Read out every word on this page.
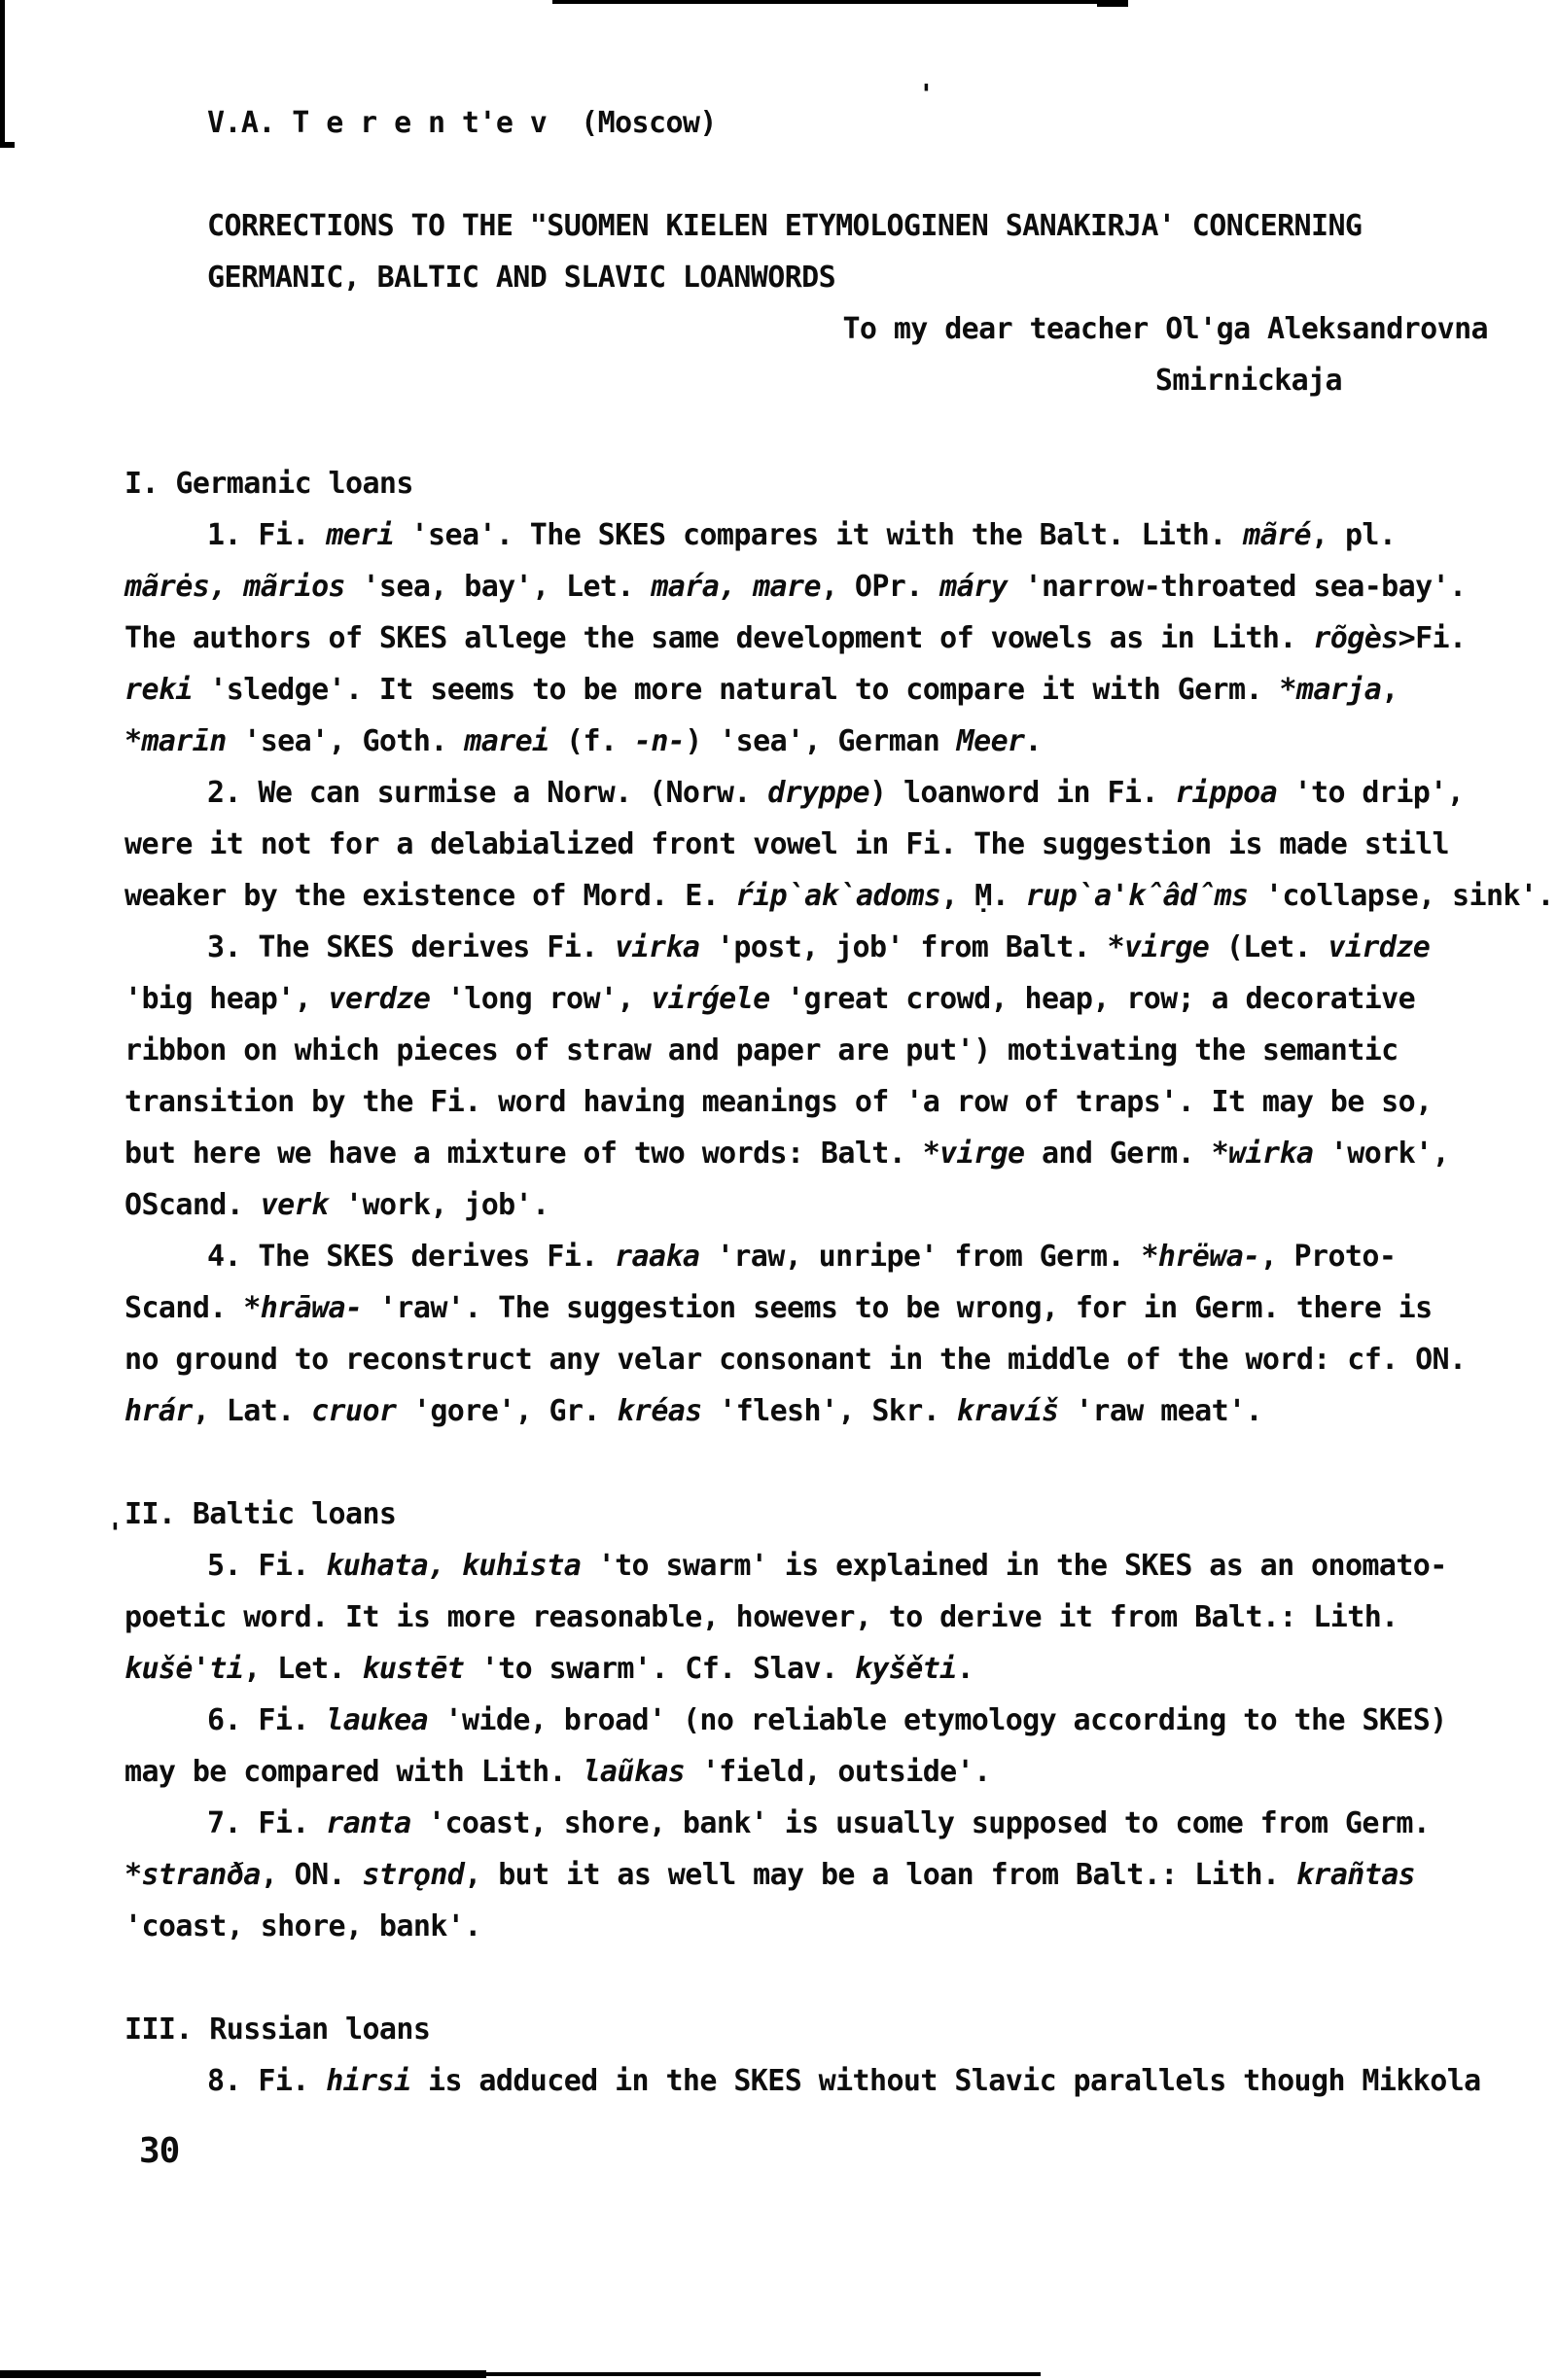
V.A. T e r e n t'e v  (Moscow)
CORRECTIONS TO THE "SUOMEN KIELEN ETYMOLOGINEN SANAKIRJA' CONCERNING
GERMANIC, BALTIC AND SLAVIC LOANWORDS
To my dear teacher Ol'ga Aleksandrovna
Smirnickaja
I. Germanic loans
1. Fi. meri 'sea'. The SKES compares it with the Balt. Lith. mãré, pl.
mãrės, mãrios 'sea, bay', Let. maŕa, mare, OPr. máry 'narrow-throated sea-bay'.
The authors of SKES allege the same development of vowels as in Lith. rõgès>Fi.
reki 'sledge'. It seems to be more natural to compare it with Germ. *marja,
*marīn 'sea', Goth. marei (f. -n-) 'sea', German Meer.
2. We can surmise a Norw. (Norw. dryppe) loanword in Fi. rippoa 'to drip',
were it not for a delabialized front vowel in Fi. The suggestion is made still
weaker by the existence of Mord. E. ŕip̀ak̀adoms, Ṃ. rup̀a'k̂âd̂ms 'collapse, sink'.
3. The SKES derives Fi. virka 'post, job' from Balt. *virge (Let. virdze
'big heap', verdze 'long row', virǵele 'great crowd, heap, row; a decorative
ribbon on which pieces of straw and paper are put') motivating the semantic
transition by the Fi. word having meanings of 'a row of traps'. It may be so,
but here we have a mixture of two words: Balt. *virge and Germ. *wirka 'work',
OScand. verk 'work, job'.
4. The SKES derives Fi. raaka 'raw, unripe' from Germ. *hrëwa-, Proto-
Scand. *hrāwa- 'raw'. The suggestion seems to be wrong, for in Germ. there is
no ground to reconstruct any velar consonant in the middle of the word: cf. ON.
hrár, Lat. cruor 'gore', Gr. kréas 'flesh', Skr. kravíš 'raw meat'.
II. Baltic loans
5. Fi. kuhata, kuhista 'to swarm' is explained in the SKES as an onomato-
poetic word. It is more reasonable, however, to derive it from Balt.: Lith.
kušė'ti, Let. kustēt 'to swarm'. Cf. Slav. kyšěti.
6. Fi. laukea 'wide, broad' (no reliable etymology according to the SKES)
may be compared with Lith. laũkas 'field, outside'.
7. Fi. ranta 'coast, shore, bank' is usually supposed to come from Germ.
*stranða, ON. strǫnd, but it as well may be a loan from Balt.: Lith. krañtas
'coast, shore, bank'.
III. Russian loans
8. Fi. hirsi is adduced in the SKES without Slavic parallels though Mikkola
30
'
'
